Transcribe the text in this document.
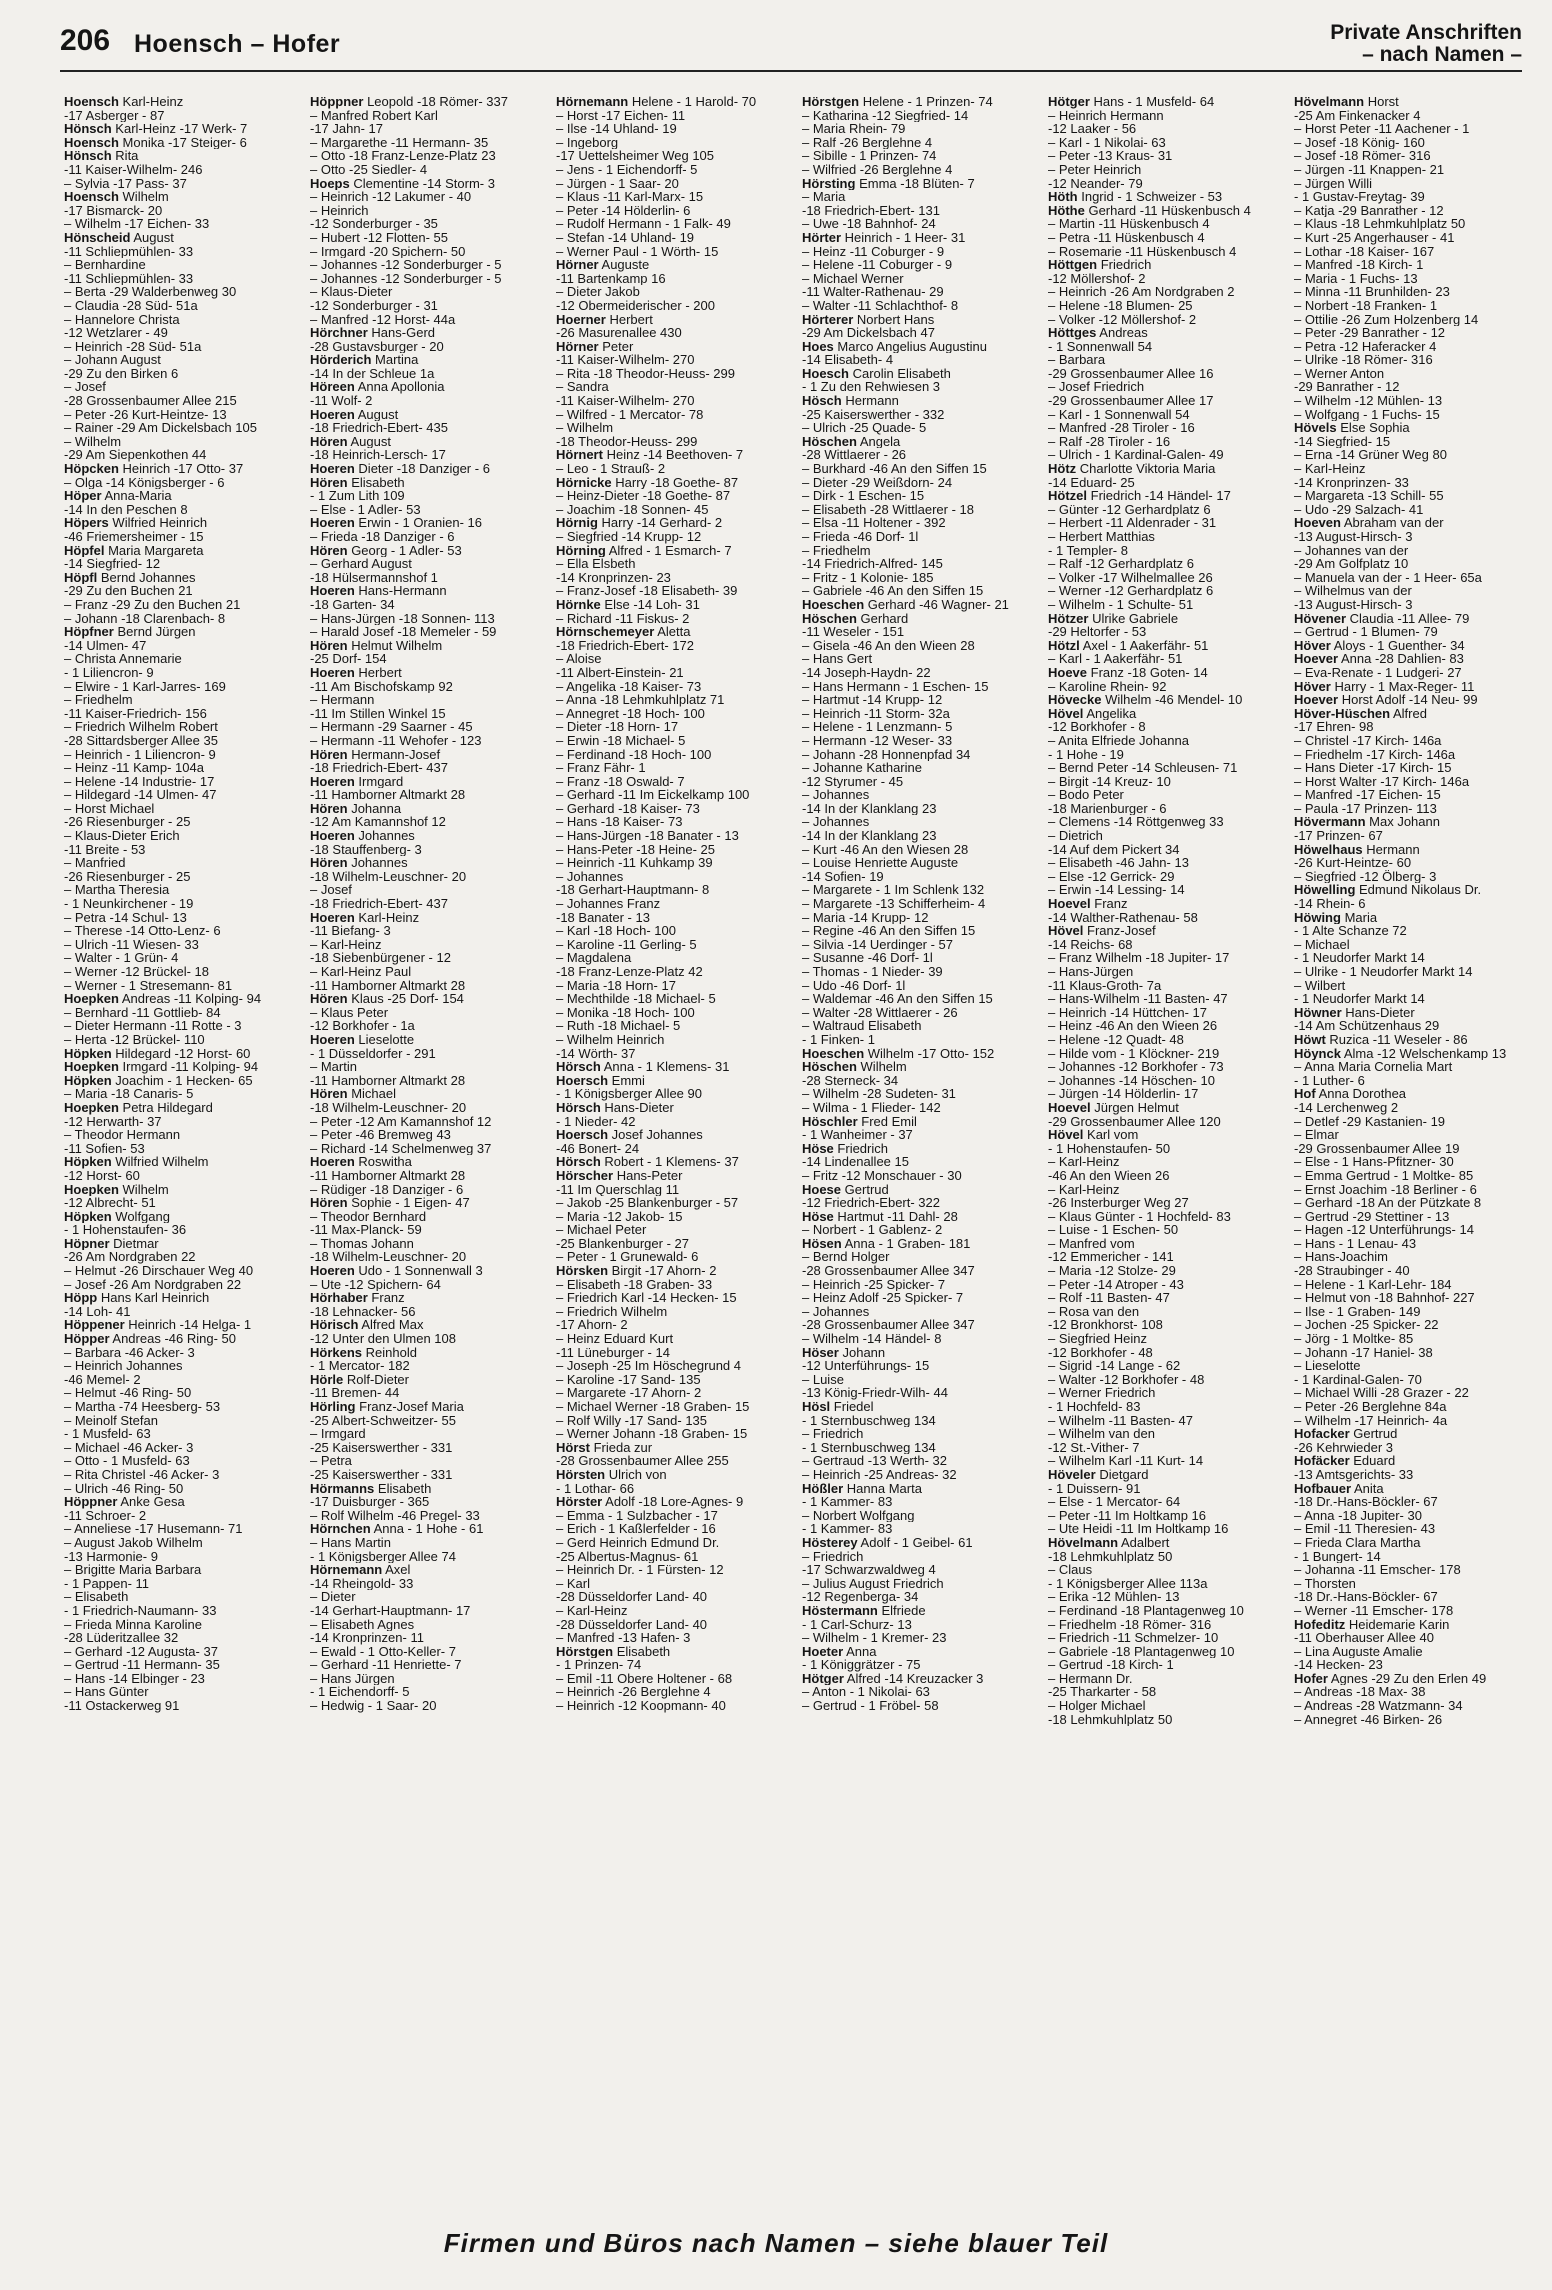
206 Hoensch – Hofer	Private Anschriften
– nach Namen –
Hoensch Karl-Heinz
-17 Asberger - 87
Hönsch Karl-Heinz -17 Werk- 7
Hoensch Monika -17 Steiger- 6
Hönsch Rita
-11 Kaiser-Wilhelm- 246
– Sylvia -17 Pass- 37
Hoensch Wilhelm
-17 Bismarck- 20
– Wilhelm -17 Eichen- 33
Hönscheid August
-11 Schliepmühlen- 33
– Bernhardine
-11 Schliepmühlen- 33
– Berta -29 Walderbenweg 30
– Claudia -28 Süd- 51a
– Hannelore Christa
-12 Wetzlarer - 49
– Heinrich -28 Süd- 51a
– Johann August
-29 Zu den Birken 6
– Josef
-28 Grossenbaumer Allee 215
– Peter -26 Kurt-Heintze- 13
– Rainer -29 Am Dickelsbach 105
– Wilhelm
-29 Am Siepenkothen 44
Höpcken Heinrich -17 Otto- 37
– Olga -14 Königsberger - 6
Höper Anna-Maria
-14 In den Peschen 8
Höpers Wilfried Heinrich
-46 Friemersheimer - 15
Höpfel Maria Margareta
-14 Siegfried- 12
Höpfl Bernd Johannes
-29 Zu den Buchen 21
– Franz -29 Zu den Buchen 21
– Johann -18 Clarenbach- 8
Höpfner Bernd Jürgen
-14 Ulmen- 47
– Christa Annemarie
- 1 Liliencron- 9
– Elwire - 1 Karl-Jarres- 169
– Friedhelm
-11 Kaiser-Friedrich- 156
– Friedrich Wilhelm Robert
-28 Sittardsberger Allee 35
– Heinrich - 1 Liliencron- 9
– Heinz -11 Kamp- 104a
– Helene -14 Industrie- 17
– Hildegard -14 Ulmen- 47
– Horst Michael
-26 Riesenburger - 25
– Klaus-Dieter Erich
-11 Breite - 53
– Manfried
-26 Riesenburger - 25
– Martha Theresia
- 1 Neunkirchener - 19
– Petra -14 Schul- 13
– Therese -14 Otto-Lenz- 6
– Ulrich -11 Wiesen- 33
– Walter - 1 Grün- 4
– Werner -12 Brückel- 18
– Werner - 1 Stresemann- 81
Hoepken Andreas -11 Kolping- 94
– Bernhard -11 Gottlieb- 84
– Dieter Hermann -11 Rotte - 3
– Herta -12 Brückel- 110
Höpken Hildegard -12 Horst- 60
Hoepken Irmgard -11 Kolping- 94
Höpken Joachim - 1 Hecken- 65
– Maria -18 Canaris- 5
Hoepken Petra Hildegard
-12 Herwarth- 37
– Theodor Hermann
-11 Sofien- 53
Höpken Wilfried Wilhelm
-12 Horst- 60
Hoepken Wilhelm
-12 Albrecht- 51
Höpken Wolfgang
- 1 Hohenstaufen- 36
Höpner Dietmar
-26 Am Nordgraben 22
– Helmut -26 Dirschauer Weg 40
– Josef -26 Am Nordgraben 22
Höpp Hans Karl Heinrich
-14 Loh- 41
Höppener Heinrich -14 Helga- 1
Höpper Andreas -46 Ring- 50
– Barbara -46 Acker- 3
– Heinrich Johannes
-46 Memel- 2
– Helmut -46 Ring- 50
– Martha -74 Heesberg- 53
– Meinolf Stefan
- 1 Musfeld- 63
– Michael -46 Acker- 3
– Otto - 1 Musfeld- 63
– Rita Christel -46 Acker- 3
– Ulrich -46 Ring- 50
Höppner Anke Gesa
-11 Schroer- 2
– Anneliese -17 Husemann- 71
– August Jakob Wilhelm
-13 Harmonie- 9
– Brigitte Maria Barbara
- 1 Pappen- 11
– Elisabeth
- 1 Friedrich-Naumann- 33
– Frieda Minna Karoline
-28 Lüderitzallee 32
– Gerhard -12 Augusta- 37
– Gertrud -11 Hermann- 35
– Hans -14 Elbinger - 23
– Hans Günter
-11 Ostackerweg 91
Höppner Leopold -18 Römer- 337
– Manfred Robert Karl
-17 Jahn- 17
– Margarethe -11 Hermann- 35
– Otto -18 Franz-Lenze-Platz 23
– Otto -25 Siedler- 4
Hoeps Clementine -14 Storm- 3
– Heinrich -12 Lakumer - 40
– Heinrich
-12 Sonderburger - 35
– Hubert -12 Flotten- 55
– Irmgard -20 Spichern- 50
– Johannes -12 Sonderburger - 5
– Johannes -12 Sonderburger - 5
– Klaus-Dieter
-12 Sonderburger - 31
– Manfred -12 Horst- 44a
Hörchner Hans-Gerd
-28 Gustavsburger - 20
Hörderich Martina
-14 In der Schleue 1a
Höreen Anna Apollonia
-11 Wolf- 2
Hoeren August
-18 Friedrich-Ebert- 435
Hören August
-18 Heinrich-Lersch- 17
Hoeren Dieter -18 Danziger - 6
Hören Elisabeth
- 1 Zum Lith 109
– Else - 1 Adler- 53
Hoeren Erwin - 1 Oranien- 16
– Frieda -18 Danziger - 6
Hören Georg - 1 Adler- 53
– Gerhard August
-18 Hülsermannshof 1
Hoeren Hans-Hermann
-18 Garten- 34
– Hans-Jürgen -18 Sonnen- 113
– Harald Josef -18 Memeler - 59
Hören Helmut Wilhelm
-25 Dorf- 154
Hoeren Herbert
-11 Am Bischofskamp 92
– Hermann
-11 Im Stillen Winkel 15
– Hermann -29 Saarner - 45
– Hermann -11 Wehofer - 123
Hören Hermann-Josef
-18 Friedrich-Ebert- 437
Hoeren Irmgard
-11 Hamborner Altmarkt 28
Hören Johanna
-12 Am Kamannshof 12
Hoeren Johannes
-18 Stauffenberg- 3
Hören Johannes
-18 Wilhelm-Leuschner- 20
– Josef
-18 Friedrich-Ebert- 437
Hoeren Karl-Heinz
-11 Biefang- 3
– Karl-Heinz
-18 Siebenbürgener - 12
– Karl-Heinz Paul
-11 Hamborner Altmarkt 28
Hören Klaus -25 Dorf- 154
– Klaus Peter
-12 Borkhofer - 1a
Hoeren Lieselotte
- 1 Düsseldorfer - 291
– Martin
-11 Hamborner Altmarkt 28
Hören Michael
-18 Wilhelm-Leuschner- 20
– Peter -12 Am Kamannshof 12
– Peter -46 Bremweg 43
– Richard -14 Schelmenweg 37
Hoeren Roswitha
-11 Hamborner Altmarkt 28
– Rüdiger -18 Danziger - 6
Hören Sophie - 1 Eigen- 47
– Theodor Bernhard
-11 Max-Planck- 59
– Thomas Johann
-18 Wilhelm-Leuschner- 20
Hoeren Udo - 1 Sonnenwall 3
– Ute -12 Spichern- 64
Hörhaber Franz
-18 Lehnacker- 56
Hörisch Alfred Max
-12 Unter den Ulmen 108
Hörkens Reinhold
- 1 Mercator- 182
Hörle Rolf-Dieter
-11 Bremen- 44
Hörling Franz-Josef Maria
-25 Albert-Schweitzer- 55
– Irmgard
-25 Kaiserswerther - 331
– Petra
-25 Kaiserswerther - 331
Hörmanns Elisabeth
-17 Duisburger - 365
– Rolf Wilhelm -46 Pregel- 33
Hörnchen Anna - 1 Hohe - 61
– Hans Martin
- 1 Königsberger Allee 74
Hörnemann Axel
-14 Rheingold- 33
– Dieter
-14 Gerhart-Hauptmann- 17
– Elisabeth Agnes
-14 Kronprinzen- 11
– Ewald - 1 Otto-Keller- 7
– Gerhard -11 Henriette- 7
– Hans Jürgen
- 1 Eichendorff- 5
– Hedwig - 1 Saar- 20
Hörnemann Helene - 1 Harold- 70
– Horst -17 Eichen- 11
– Ilse -14 Uhland- 19
– Ingeborg
-17 Uettelsheimer Weg 105
– Jens - 1 Eichendorff- 5
– Jürgen - 1 Saar- 20
– Klaus -11 Karl-Marx- 15
– Peter -14 Hölderlin- 6
– Rudolf Hermann - 1 Falk- 49
– Stefan -14 Uhland- 19
– Werner Paul - 1 Wörth- 15
Hörner Auguste
-11 Bartenkamp 16
– Dieter Jakob
-12 Obermeiderischer - 200
Hoerner Herbert
-26 Masurenallee 430
Hörner Peter
-11 Kaiser-Wilhelm- 270
– Rita -18 Theodor-Heuss- 299
– Sandra
-11 Kaiser-Wilhelm- 270
– Wilfred - 1 Mercator- 78
– Wilhelm
-18 Theodor-Heuss- 299
Hörnert Heinz -14 Beethoven- 7
– Leo - 1 Strauß- 2
Hörnicke Harry -18 Goethe- 87
– Heinz-Dieter -18 Goethe- 87
– Joachim -18 Sonnen- 45
Hörnig Harry -14 Gerhard- 2
– Siegfried -14 Krupp- 12
Hörning Alfred - 1 Esmarch- 7
– Ella Elsbeth
-14 Kronprinzen- 23
– Franz-Josef -18 Elisabeth- 39
Hörnke Else -14 Loh- 31
– Richard -11 Fiskus- 2
Hörnschemeyer Aletta
-18 Friedrich-Ebert- 172
– Aloise
-11 Albert-Einstein- 21
– Angelika -18 Kaiser- 73
– Anna -18 Lehmkuhlplatz 71
– Annegret -18 Hoch- 100
– Dieter -18 Horn- 17
– Erwin -18 Michael- 5
– Ferdinand -18 Hoch- 100
– Franz Fähr- 1
– Franz -18 Oswald- 7
– Gerhard -11 Im Eickelkamp 100
– Gerhard -18 Kaiser- 73
– Hans -18 Kaiser- 73
– Hans-Jürgen -18 Banater - 13
– Hans-Peter -18 Heine- 25
– Heinrich -11 Kuhkamp 39
– Johannes
-18 Gerhart-Hauptmann- 8
– Johannes Franz
-18 Banater - 13
– Karl -18 Hoch- 100
– Karoline -11 Gerling- 5
– Magdalena
-18 Franz-Lenze-Platz 42
– Maria -18 Horn- 17
– Mechthilde -18 Michael- 5
– Monika -18 Hoch- 100
– Ruth -18 Michael- 5
– Wilhelm Heinrich
-14 Wörth- 37
Hörsch Anna - 1 Klemens- 31
Hoersch Emmi
- 1 Königsberger Allee 90
Hörsch Hans-Dieter
- 1 Nieder- 42
Hoersch Josef Johannes
-46 Bonert- 24
Hörsch Robert - 1 Klemens- 37
Hörscher Hans-Peter
-11 Im Querschlag 11
– Jakob -25 Blankenburger - 57
– Maria -12 Jakob- 15
– Michael Peter
-25 Blankenburger - 27
– Peter - 1 Grunewald- 6
Hörsken Birgit -17 Ahorn- 2
– Elisabeth -18 Graben- 33
– Friedrich Karl -14 Hecken- 15
– Friedrich Wilhelm
-17 Ahorn- 2
– Heinz Eduard Kurt
-11 Lüneburger - 14
– Joseph -25 Im Höschegrund 4
– Karoline -17 Sand- 135
– Margarete -17 Ahorn- 2
– Michael Werner -18 Graben- 15
– Rolf Willy -17 Sand- 135
– Werner Johann -18 Graben- 15
Hörst Frieda zur
-28 Grossenbaumer Allee 255
Hörsten Ulrich von
- 1 Lothar- 66
Hörster Adolf -18 Lore-Agnes- 9
– Emma - 1 Sulzbacher - 17
– Erich - 1 Kaßlerfelder - 16
– Gerd Heinrich Edmund Dr.
-25 Albertus-Magnus- 61
– Heinrich Dr. - 1 Fürsten- 12
– Karl
-28 Düsseldorfer Land- 40
– Karl-Heinz
-28 Düsseldorfer Land- 40
– Manfred -13 Hafen- 3
Hörstgen Elisabeth
- 1 Prinzen- 74
– Emil -11 Obere Holtener - 68
– Heinrich -26 Berglehne 4
– Heinrich -12 Koopmann- 40
Hörstgen Helene - 1 Prinzen- 74
– Katharina -12 Siegfried- 14
– Maria Rhein- 79
– Ralf -26 Berglehne 4
– Sibille - 1 Prinzen- 74
– Wilfried -26 Berglehne 4
Hörsting Emma -18 Blüten- 7
– Maria
-18 Friedrich-Ebert- 131
– Uwe -18 Bahnhof- 24
Hörter Heinrich - 1 Heer- 31
– Heinz -11 Coburger - 9
– Helene -11 Coburger - 9
– Michael Werner
-11 Walter-Rathenau- 29
– Walter -11 Schlachthof- 8
Hörterer Norbert Hans
-29 Am Dickelsbach 47
Hoes Marco Angelius Augustinu
-14 Elisabeth- 4
Hoesch Carolin Elisabeth
- 1 Zu den Rehwiesen 3
Hösch Hermann
-25 Kaiserswerther - 332
– Ulrich -25 Quade- 5
Höschen Angela
-28 Wittlaerer - 26
– Burkhard -46 An den Siffen 15
– Dieter -29 Weißdorn- 24
– Dirk - 1 Eschen- 15
– Elisabeth -28 Wittlaerer - 18
– Elsa -11 Holtener - 392
– Frieda -46 Dorf- 1l
– Friedhelm
-14 Friedrich-Alfred- 145
– Fritz - 1 Kolonie- 185
– Gabriele -46 An den Siffen 15
Hoeschen Gerhard -46 Wagner- 21
Höschen Gerhard
-11 Weseler - 151
– Gisela -46 An den Wieen 28
– Hans Gert
-14 Joseph-Haydn- 22
– Hans Hermann - 1 Eschen- 15
– Hartmut -14 Krupp- 12
– Heinrich -11 Storm- 32a
– Helene - 1 Lenzmann- 5
– Hermann -12 Weser- 33
– Johann -28 Honnenpfad 34
– Johanne Katharine
-12 Styrumer - 45
– Johannes
-14 In der Klanklang 23
– Johannes
-14 In der Klanklang 23
– Kurt -46 An den Wiesen 28
– Louise Henriette Auguste
-14 Sofien- 19
– Margarete - 1 Im Schlenk 132
– Margarete -13 Schifferheim- 4
– Maria -14 Krupp- 12
– Regine -46 An den Siffen 15
– Silvia -14 Uerdinger - 57
– Susanne -46 Dorf- 1l
– Thomas - 1 Nieder- 39
– Udo -46 Dorf- 1l
– Waldemar -46 An den Siffen 15
– Walter -28 Wittlaerer - 26
– Waltraud Elisabeth
- 1 Finken- 1
Hoeschen Wilhelm -17 Otto- 152
Höschen Wilhelm
-28 Sterneck- 34
– Wilhelm -28 Sudeten- 31
– Wilma - 1 Flieder- 142
Höschler Fred Emil
- 1 Wanheimer - 37
Höse Friedrich
-14 Lindenallee 15
– Fritz -12 Monschauer - 30
Hoese Gertrud
-12 Friedrich-Ebert- 322
Höse Hartmut -11 Dahl- 28
– Norbert - 1 Gablenz- 2
Hösen Anna - 1 Graben- 181
– Bernd Holger
-28 Grossenbaumer Allee 347
– Heinrich -25 Spicker- 7
– Heinz Adolf -25 Spicker- 7
– Johannes
-28 Grossenbaumer Allee 347
– Wilhelm -14 Händel- 8
Höser Johann
-12 Unterführungs- 15
– Luise
-13 König-Friedr-Wilh- 44
Hösl Friedel
- 1 Sternbuschweg 134
– Friedrich
- 1 Sternbuschweg 134
– Gertraud -13 Werth- 32
– Heinrich -25 Andreas- 32
Hößler Hanna Marta
- 1 Kammer- 83
– Norbert Wolfgang
- 1 Kammer- 83
Hösterey Adolf - 1 Geibel- 61
– Friedrich
-17 Schwarzwaldweg 4
– Julius August Friedrich
-12 Regenberga- 34
Höstermann Elfriede
- 1 Carl-Schurz- 13
– Wilhelm - 1 Kremer- 23
Hoeter Anna
- 1 Königgrätzer - 75
Hötger Alfred -14 Kreuzacker 3
– Anton - 1 Nikolai- 63
– Gertrud - 1 Fröbel- 58
Hötger Hans - 1 Musfeld- 64
– Heinrich Hermann
-12 Laaker - 56
– Karl - 1 Nikolai- 63
– Peter -13 Kraus- 31
– Peter Heinrich
-12 Neander- 79
Höth Ingrid - 1 Schweizer - 53
Höthe Gerhard -11 Hüskenbusch 4
– Martin -11 Hüskenbusch 4
– Petra -11 Hüskenbusch 4
– Rosemarie -11 Hüskenbusch 4
Höttgen Friedrich
-12 Möllershof- 2
– Heinrich -26 Am Nordgraben 2
– Helene -18 Blumen- 25
– Volker -12 Möllershof- 2
Höttges Andreas
- 1 Sonnenwall 54
– Barbara
-29 Grossenbaumer Allee 16
– Josef Friedrich
-29 Grossenbaumer Allee 17
– Karl - 1 Sonnenwall 54
– Manfred -28 Tiroler - 16
– Ralf -28 Tiroler - 16
– Ulrich - 1 Kardinal-Galen- 49
Hötz Charlotte Viktoria Maria
-14 Eduard- 25
Hötzel Friedrich -14 Händel- 17
– Günter -12 Gerhardplatz 6
– Herbert -11 Aldenrader - 31
– Herbert Matthias
- 1 Templer- 8
– Ralf -12 Gerhardplatz 6
– Volker -17 Wilhelmallee 26
– Werner -12 Gerhardplatz 6
– Wilhelm - 1 Schulte- 51
Hötzer Ulrike Gabriele
-29 Heltorfer - 53
Hötzl Axel - 1 Aakerfähr- 51
– Karl - 1 Aakerfähr- 51
Hoeve Franz -18 Goten- 14
– Karoline Rhein- 92
Hövecke Wilhelm -46 Mendel- 10
Hövel Angelika
-12 Borkhofer - 8
– Anita Elfriede Johanna
- 1 Hohe - 19
– Bernd Peter -14 Schleusen- 71
– Birgit -14 Kreuz- 10
– Bodo Peter
-18 Marienburger - 6
– Clemens -14 Röttgenweg 33
– Dietrich
-14 Auf dem Pickert 34
– Elisabeth -46 Jahn- 13
– Else -12 Gerrick- 29
– Erwin -14 Lessing- 14
Hoevel Franz
-14 Walther-Rathenau- 58
Hövel Franz-Josef
-14 Reichs- 68
– Franz Wilhelm -18 Jupiter- 17
– Hans-Jürgen
-11 Klaus-Groth- 7a
– Hans-Wilhelm -11 Basten- 47
– Heinrich -14 Hüttchen- 17
– Heinz -46 An den Wieen 26
– Helene -12 Quadt- 48
– Hilde vom - 1 Klöckner- 219
– Johannes -12 Borkhofer - 73
– Johannes -14 Höschen- 10
– Jürgen -14 Hölderlin- 17
Hoevel Jürgen Helmut
-29 Grossenbaumer Allee 120
Hövel Karl vom
- 1 Hohenstaufen- 50
– Karl-Heinz
-46 An den Wieen 26
– Karl-Heinz
-26 Insterburger Weg 27
– Klaus Günter - 1 Hochfeld- 83
– Luise - 1 Eschen- 50
– Manfred vom
-12 Emmericher - 141
– Maria -12 Stolze- 29
– Peter -14 Atroper - 43
– Rolf -11 Basten- 47
– Rosa van den
-12 Bronkhorst- 108
– Siegfried Heinz
-12 Borkhofer - 48
– Sigrid -14 Lange - 62
– Walter -12 Borkhofer - 48
– Werner Friedrich
- 1 Hochfeld- 83
– Wilhelm -11 Basten- 47
– Wilhelm van den
-12 St.-Vither- 7
– Wilhelm Karl -11 Kurt- 14
Höveler Dietgard
- 1 Duissern- 91
– Else - 1 Mercator- 64
– Peter -11 Im Holtkamp 16
– Ute Heidi -11 Im Holtkamp 16
Hövelmann Adalbert
-18 Lehmkuhlplatz 50
– Claus
- 1 Königsberger Allee 113a
– Erika -12 Mühlen- 13
– Ferdinand -18 Plantagenweg 10
– Friedhelm -18 Römer- 316
– Friedrich -11 Schmelzer- 10
– Gabriele -18 Plantagenweg 10
– Gertrud -18 Kirch- 1
– Hermann Dr.
-25 Tharkarter - 58
– Holger Michael
-18 Lehmkuhlplatz 50
Hövelmann Horst
-25 Am Finkenacker 4
– Horst Peter -11 Aachener - 1
– Josef -18 König- 160
– Josef -18 Römer- 316
– Jürgen -11 Knappen- 21
– Jürgen Willi
- 1 Gustav-Freytag- 39
– Katja -29 Banrather - 12
– Klaus -18 Lehmkuhlplatz 50
– Kurt -25 Angerhauser - 41
– Lothar -18 Kaiser- 167
– Manfred -18 Kirch- 1
– Maria - 1 Fuchs- 13
– Minna -11 Brunhilden- 23
– Norbert -18 Franken- 1
– Ottilie -26 Zum Holzenberg 14
– Peter -29 Banrather - 12
– Petra -12 Haferacker 4
– Ulrike -18 Römer- 316
– Werner Anton
-29 Banrather - 12
– Wilhelm -12 Mühlen- 13
– Wolfgang - 1 Fuchs- 15
Hövels Else Sophia
-14 Siegfried- 15
– Erna -14 Grüner Weg 80
– Karl-Heinz
-14 Kronprinzen- 33
– Margareta -13 Schill- 55
– Udo -29 Salzach- 41
Hoeven Abraham van der
-13 August-Hirsch- 3
– Johannes van der
-29 Am Golfplatz 10
– Manuela van der - 1 Heer- 65a
– Wilhelmus van der
-13 August-Hirsch- 3
Hövener Claudia -11 Allee- 79
– Gertrud - 1 Blumen- 79
Höver Aloys - 1 Guenther- 34
Hoever Anna -28 Dahlien- 83
– Eva-Renate - 1 Ludgeri- 27
Höver Harry - 1 Max-Reger- 11
Hoever Horst Adolf -14 Neu- 99
Höver-Hüschen Alfred
-17 Ehren- 98
– Christel -17 Kirch- 146a
– Friedhelm -17 Kirch- 146a
– Hans Dieter -17 Kirch- 15
– Horst Walter -17 Kirch- 146a
– Manfred -17 Eichen- 15
– Paula -17 Prinzen- 113
Hövermann Max Johann
-17 Prinzen- 67
Höwelhaus Hermann
-26 Kurt-Heintze- 60
– Siegfried -12 Ölberg- 3
Höwelling Edmund Nikolaus Dr.
-14 Rhein- 6
Höwing Maria
- 1 Alte Schanze 72
– Michael
- 1 Neudorfer Markt 14
– Ulrike - 1 Neudorfer Markt 14
– Wilbert
- 1 Neudorfer Markt 14
Höwner Hans-Dieter
-14 Am Schützenhaus 29
Höwt Ruzica -11 Weseler - 86
Höynck Alma -12 Welschenkamp 13
– Anna Maria Cornelia Mart
- 1 Luther- 6
Hof Anna Dorothea
-14 Lerchenweg 2
– Detlef -29 Kastanien- 19
– Elmar
-29 Grossenbaumer Allee 19
– Else - 1 Hans-Pfitzner- 30
– Emma Gertrud - 1 Moltke- 85
– Ernst Joachim -18 Berliner - 6
– Gerhard -18 An der Pützkate 8
– Gertrud -29 Stettiner - 13
– Hagen -12 Unterführungs- 14
– Hans - 1 Lenau- 43
– Hans-Joachim
-28 Straubinger - 40
– Helene - 1 Karl-Lehr- 184
– Helmut von -18 Bahnhof- 227
– Ilse - 1 Graben- 149
– Jochen -25 Spicker- 22
– Jörg - 1 Moltke- 85
– Johann -17 Haniel- 38
– Lieselotte
- 1 Kardinal-Galen- 70
– Michael Willi -28 Grazer - 22
– Peter -26 Berglehne 84a
– Wilhelm -17 Heinrich- 4a
Hofacker Gertrud
-26 Kehrwieder 3
Hofäcker Eduard
-13 Amtsgerichts- 33
Hofbauer Anita
-18 Dr.-Hans-Böckler- 67
– Anna -18 Jupiter- 30
– Emil -11 Theresien- 43
– Frieda Clara Martha
- 1 Bungert- 14
– Johanna -11 Emscher- 178
– Thorsten
-18 Dr.-Hans-Böckler- 67
– Werner -11 Emscher- 178
Hofeditz Heidemarie Karin
-11 Oberhauser Allee 40
– Lina Auguste Amalie
-14 Hecken- 23
Hofer Agnes -29 Zu den Erlen 49
– Andreas -18 Max- 38
– Andreas -28 Watzmann- 34
– Annegret -46 Birken- 26
Firmen und Büros nach Namen – siehe blauer Teil
